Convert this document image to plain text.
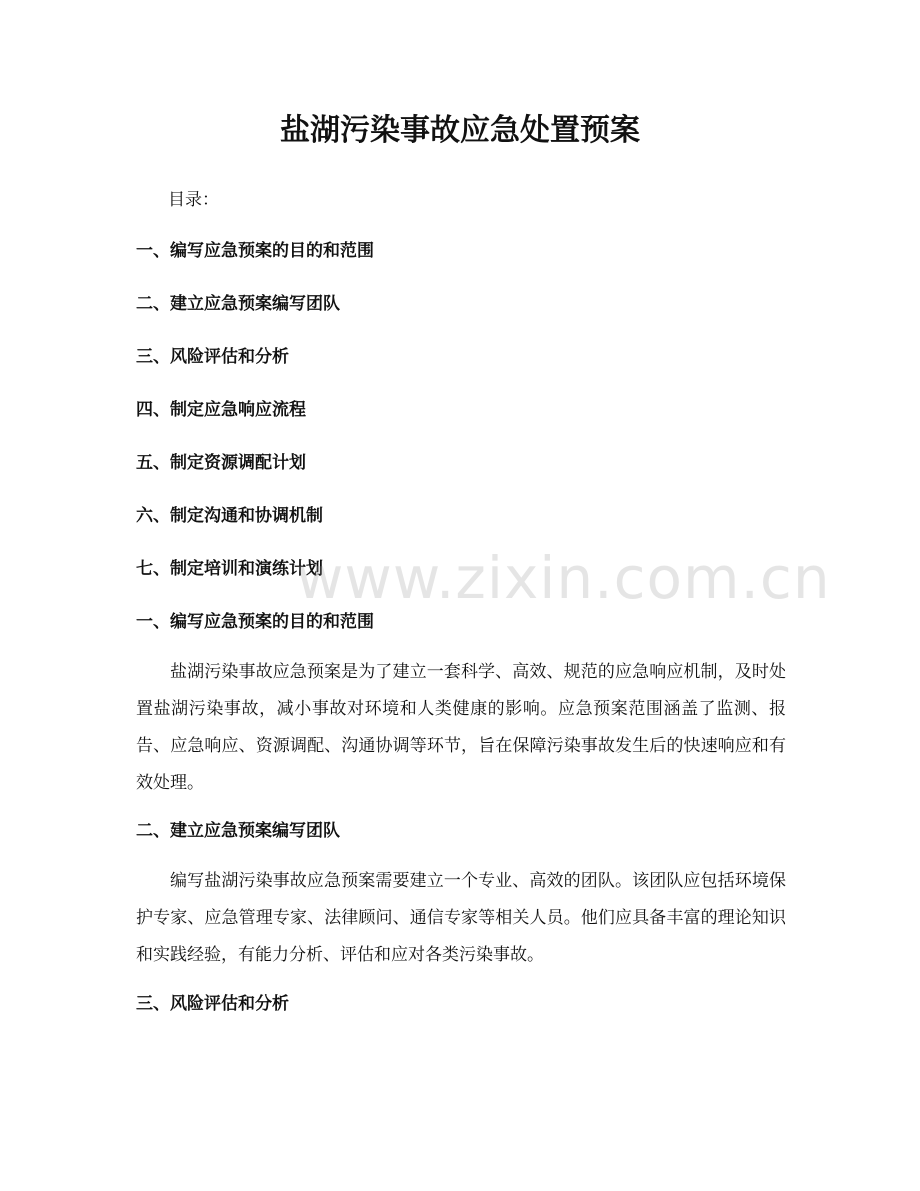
盐湖污染事故应急处置预案

目录：

一、编写应急预案的目的和范围

二、建立应急预案编写团队

三、风险评估和分析

四、制定应急响应流程

五、制定资源调配计划

六、制定沟通和协调机制

七、制定培训和演练计划

一、编写应急预案的目的和范围

盐湖污染事故应急预案是为了建立一套科学、高效、规范的应急响应机制，及时处置盐湖污染事故，减小事故对环境和人类健康的影响。应急预案范围涵盖了监测、报告、应急响应、资源调配、沟通协调等环节，旨在保障污染事故发生后的快速响应和有效处理。

二、建立应急预案编写团队

编写盐湖污染事故应急预案需要建立一个专业、高效的团队。该团队应包括环境保护专家、应急管理专家、法律顾问、通信专家等相关人员。他们应具备丰富的理论知识和实践经验，有能力分析、评估和应对各类污染事故。

三、风险评估和分析

www.zixin.com.cn
